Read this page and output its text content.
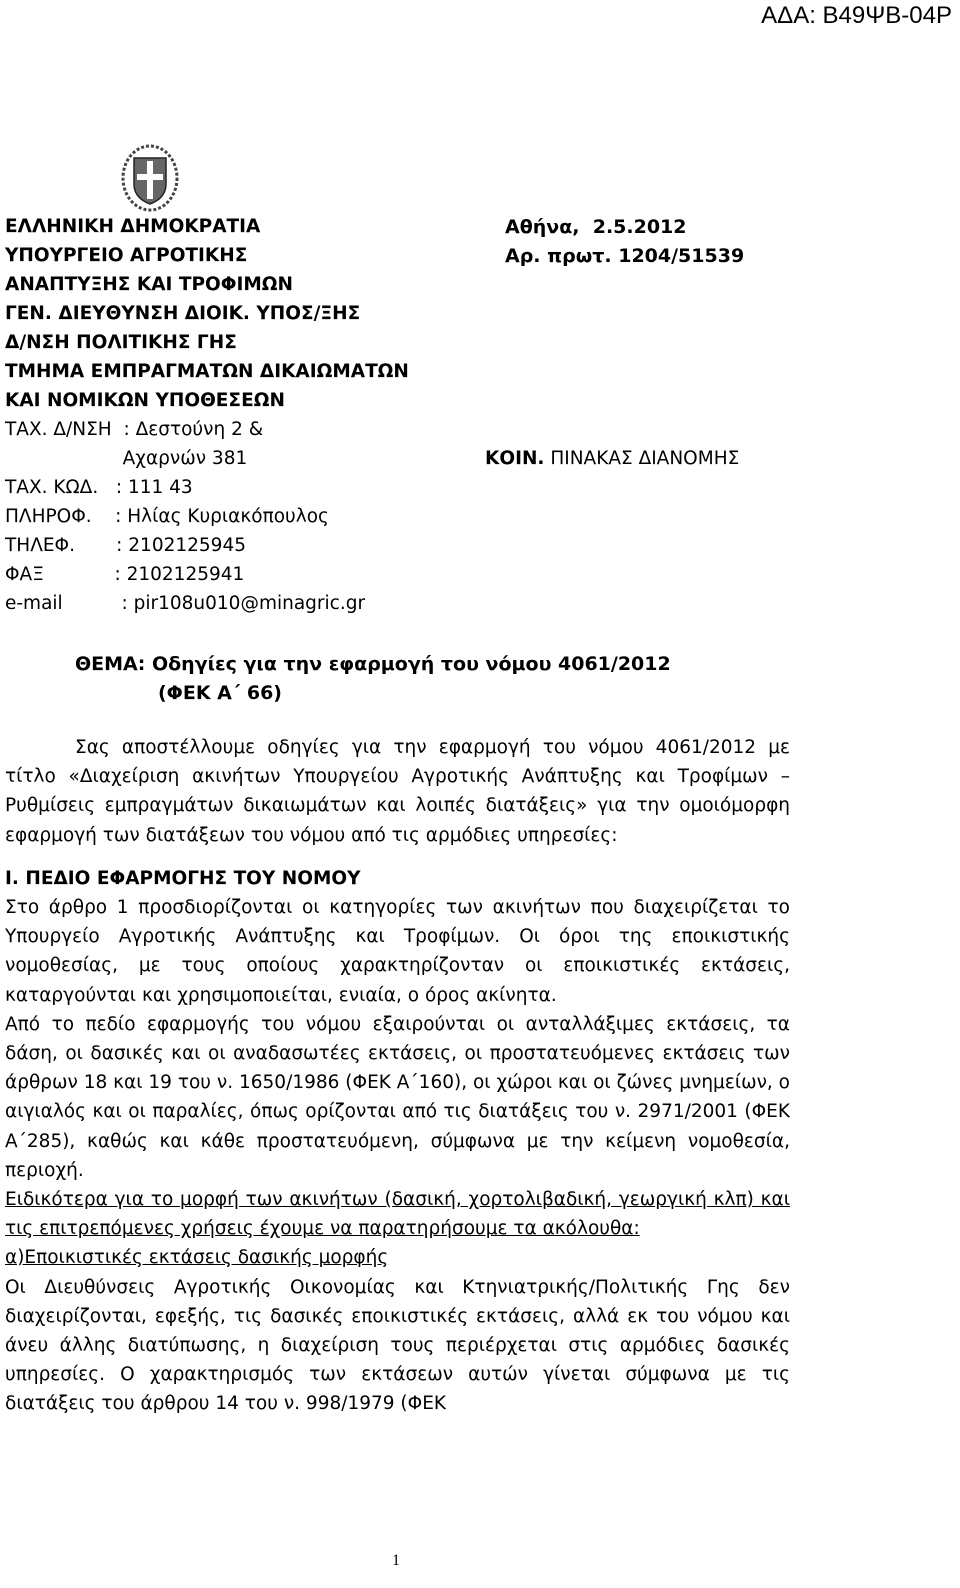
ΑΔΑ: Β49ΨΒ-04Ρ
ΕΛΛΗΝΙΚΗ ΔΗΜΟΚΡΑΤΙΑ
ΥΠΟΥΡΓΕΙΟ ΑΓΡΟΤΙΚΗΣ
ΑΝΑΠΤΥΞΗΣ ΚΑΙ ΤΡΟΦΙΜΩΝ
ΓΕΝ. ΔΙΕΥΘΥΝΣΗ ΔΙΟΙΚ. ΥΠΟΣ/ΞΗΣ
Δ/ΝΣΗ ΠΟΛΙΤΙΚΗΣ ΓΗΣ
ΤΜΗΜΑ ΕΜΠΡΑΓΜΑΤΩΝ ΔΙΚΑΙΩΜΑΤΩΝ
ΚΑΙ ΝΟΜΙΚΩΝ ΥΠΟΘΕΣΕΩΝ
ΤΑΧ. Δ/ΝΣΗ  : Δεστούνη 2 &
Αχαρνών 381
ΤΑΧ. ΚΩΔ.   : 111 43
ΠΛΗΡΟΦ.    : Ηλίας Κυριακόπουλος
ΤΗΛΕΦ.       : 2102125945
ΦΑΞ            : 2102125941
e-mail          : pir108u010@minagric.gr
Αθήνα,  2.5.2012
Αρ. πρωτ. 1204/51539
ΚΟΙΝ. ΠΙΝΑΚΑΣ ΔΙΑΝΟΜΗΣ
ΘΕΜΑ: Οδηγίες για την εφαρμογή του νόμου 4061/2012
(ΦΕΚ Α΄ 66)

Σας αποστέλλουμε οδηγίες για την εφαρμογή του νόμου 4061/2012 με τίτλο «Διαχείριση ακινήτων Υπουργείου Αγροτικής Ανάπτυξης και Τροφίμων – Ρυθμίσεις εμπραγμάτων δικαιωμάτων και λοιπές διατάξεις» για την ομοιόμορφη εφαρμογή των διατάξεων του νόμου από τις αρμόδιες υπηρεσίες:

Ι. ΠΕΔΙΟ ΕΦΑΡΜΟΓΗΣ ΤΟΥ ΝΟΜΟΥ

Στο άρθρο 1 προσδιορίζονται οι κατηγορίες των ακινήτων που διαχειρίζεται το Υπουργείο Αγροτικής Ανάπτυξης και Τροφίμων. Οι όροι της εποικιστικής νομοθεσίας, με τους οποίους χαρακτηρίζονταν οι εποικιστικές εκτάσεις, καταργούνται και χρησιμοποιείται, ενιαία, ο όρος ακίνητα.

Από το πεδίο εφαρμογής του νόμου εξαιρούνται οι ανταλλάξιμες εκτάσεις, τα δάση, οι δασικές και οι αναδασωτέες εκτάσεις, οι προστατευόμενες εκτάσεις των άρθρων 18 και 19 του ν. 1650/1986 (ΦΕΚ Α΄160), οι χώροι και οι ζώνες μνημείων, ο αιγιαλός και οι παραλίες, όπως ορίζονται από τις διατάξεις του ν. 2971/2001 (ΦΕΚ Α΄285), καθώς και κάθε προστατευόμενη, σύμφωνα με την κείμενη νομοθεσία, περιοχή.

Ειδικότερα για το μορφή των ακινήτων (δασική, χορτολιβαδική, γεωργική κλπ) και τις επιτρεπόμενες χρήσεις έχουμε να παρατηρήσουμε τα ακόλουθα:

α)Εποικιστικές εκτάσεις δασικής μορφής

Οι Διευθύνσεις Αγροτικής Οικονομίας και Κτηνιατρικής/Πολιτικής Γης δεν διαχειρίζονται, εφεξής, τις δασικές εποικιστικές εκτάσεις, αλλά εκ του νόμου και άνευ άλλης διατύπωσης, η διαχείριση τους περιέρχεται στις αρμόδιες δασικές υπηρεσίες. Ο χαρακτηρισμός των εκτάσεων αυτών γίνεται σύμφωνα με τις διατάξεις του άρθρου 14 του ν. 998/1979 (ΦΕΚ

1
